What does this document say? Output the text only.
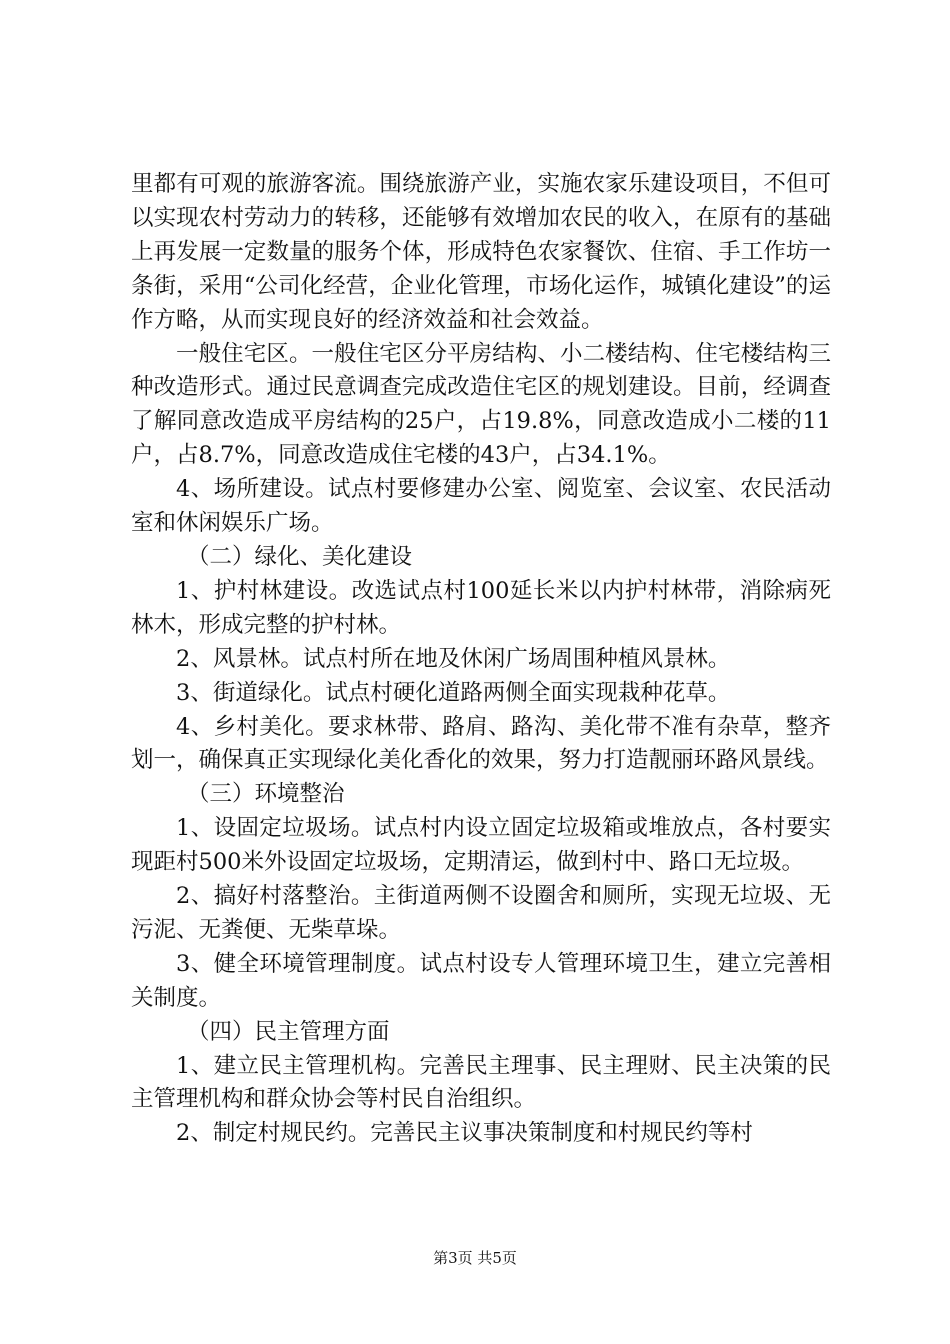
里都有可观的旅游客流。围绕旅游产业，实施农家乐建设项目，不但可以实现农村劳动力的转移，还能够有效增加农民的收入，在原有的基础上再发展一定数量的服务个体，形成特色农家餐饮、住宿、手工作坊一条街，采用“公司化经营，企业化管理，市场化运作，城镇化建设”的运作方略，从而实现良好的经济效益和社会效益。

一般住宅区。一般住宅区分平房结构、小二楼结构、住宅楼结构三种改造形式。通过民意调查完成改造住宅区的规划建设。目前，经调查了解同意改造成平房结构的25户，占19.8%，同意改造成小二楼的11户，占8.7%，同意改造成住宅楼的43户，占34.1%。

4、场所建设。试点村要修建办公室、阅览室、会议室、农民活动室和休闲娱乐广场。

（二）绿化、美化建设

1、护村林建设。改选试点村100延长米以内护村林带，消除病死林木，形成完整的护村林。

2、风景林。试点村所在地及休闲广场周围种植风景林。

3、街道绿化。试点村硬化道路两侧全面实现栽种花草。

4、乡村美化。要求林带、路肩、路沟、美化带不准有杂草，整齐划一，确保真正实现绿化美化香化的效果，努力打造靓丽环路风景线。

（三）环境整治

1、设固定垃圾场。试点村内设立固定垃圾箱或堆放点，各村要实现距村500米外设固定垃圾场，定期清运，做到村中、路口无垃圾。

2、搞好村落整治。主街道两侧不设圈舍和厕所，实现无垃圾、无污泥、无粪便、无柴草垛。

3、健全环境管理制度。试点村设专人管理环境卫生，建立完善相关制度。

（四）民主管理方面

1、建立民主管理机构。完善民主理事、民主理财、民主决策的民主管理机构和群众协会等村民自治组织。

2、制定村规民约。完善民主议事决策制度和村规民约等村

第3页 共5页
